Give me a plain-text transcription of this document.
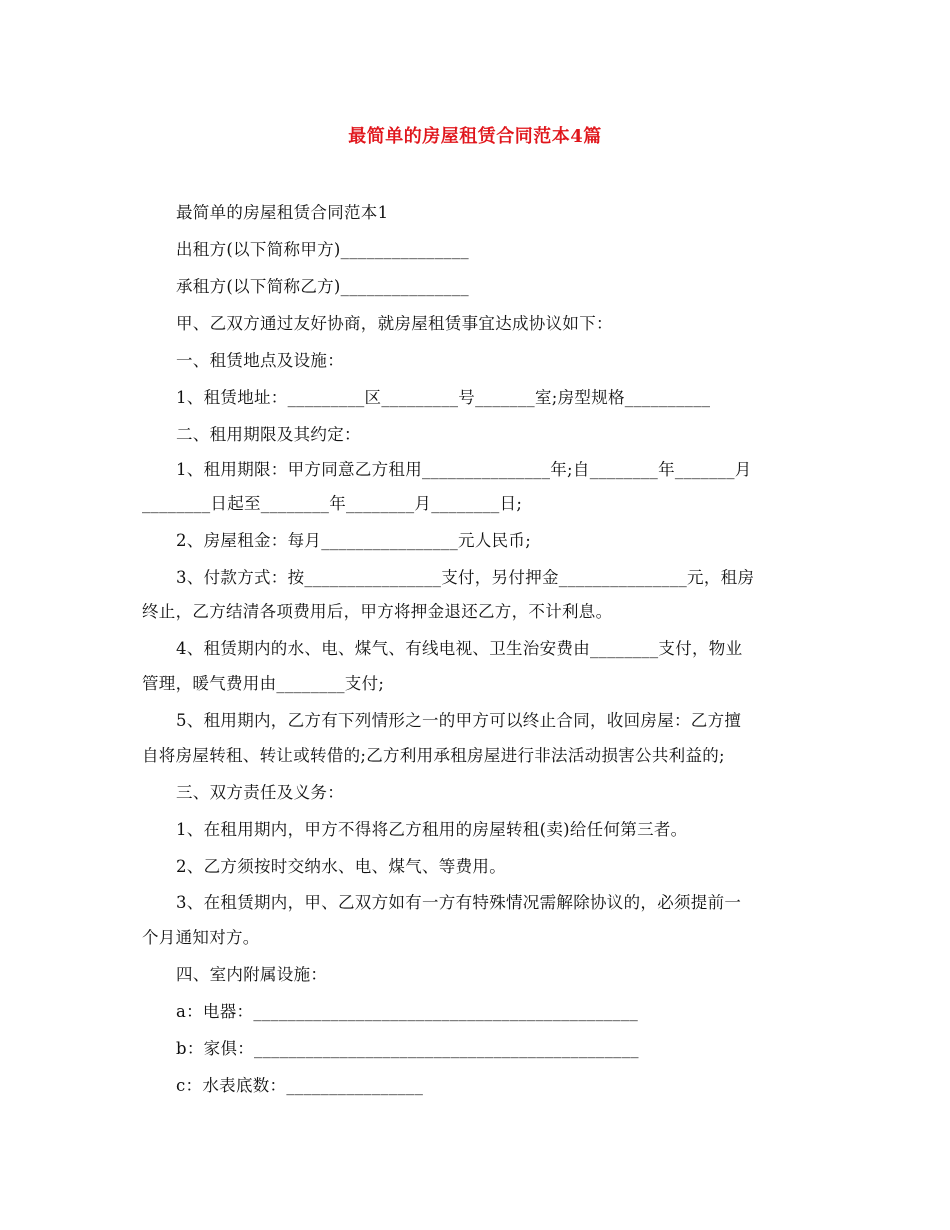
最简单的房屋租赁合同范本4篇
最简单的房屋租赁合同范本1
出租方(以下简称甲方)_______________
承租方(以下简称乙方)_______________
甲、乙双方通过友好协商，就房屋租赁事宜达成协议如下：
一、租赁地点及设施：
1、租赁地址：_________区_________号_______室;房型规格__________
二、租用期限及其约定：
1、租用期限：甲方同意乙方租用_______________年;自________年_______月
________日起至________年________月________日;
2、房屋租金：每月________________元人民币;
3、付款方式：按________________支付，另付押金_______________元，租房
终止，乙方结清各项费用后，甲方将押金退还乙方，不计利息。
4、租赁期内的水、电、煤气、有线电视、卫生治安费由________支付，物业
管理，暖气费用由________支付;
5、租用期内，乙方有下列情形之一的甲方可以终止合同，收回房屋：乙方擅
自将房屋转租、转让或转借的;乙方利用承租房屋进行非法活动损害公共利益的;
三、双方责任及义务：
1、在租用期内，甲方不得将乙方租用的房屋转租(卖)给任何第三者。
2、乙方须按时交纳水、电、煤气、等费用。
3、在租赁期内，甲、乙双方如有一方有特殊情况需解除协议的，必须提前一
个月通知对方。
四、室内附属设施：
a：电器：_____________________________________________
b：家俱：_____________________________________________
c：水表底数：________________
